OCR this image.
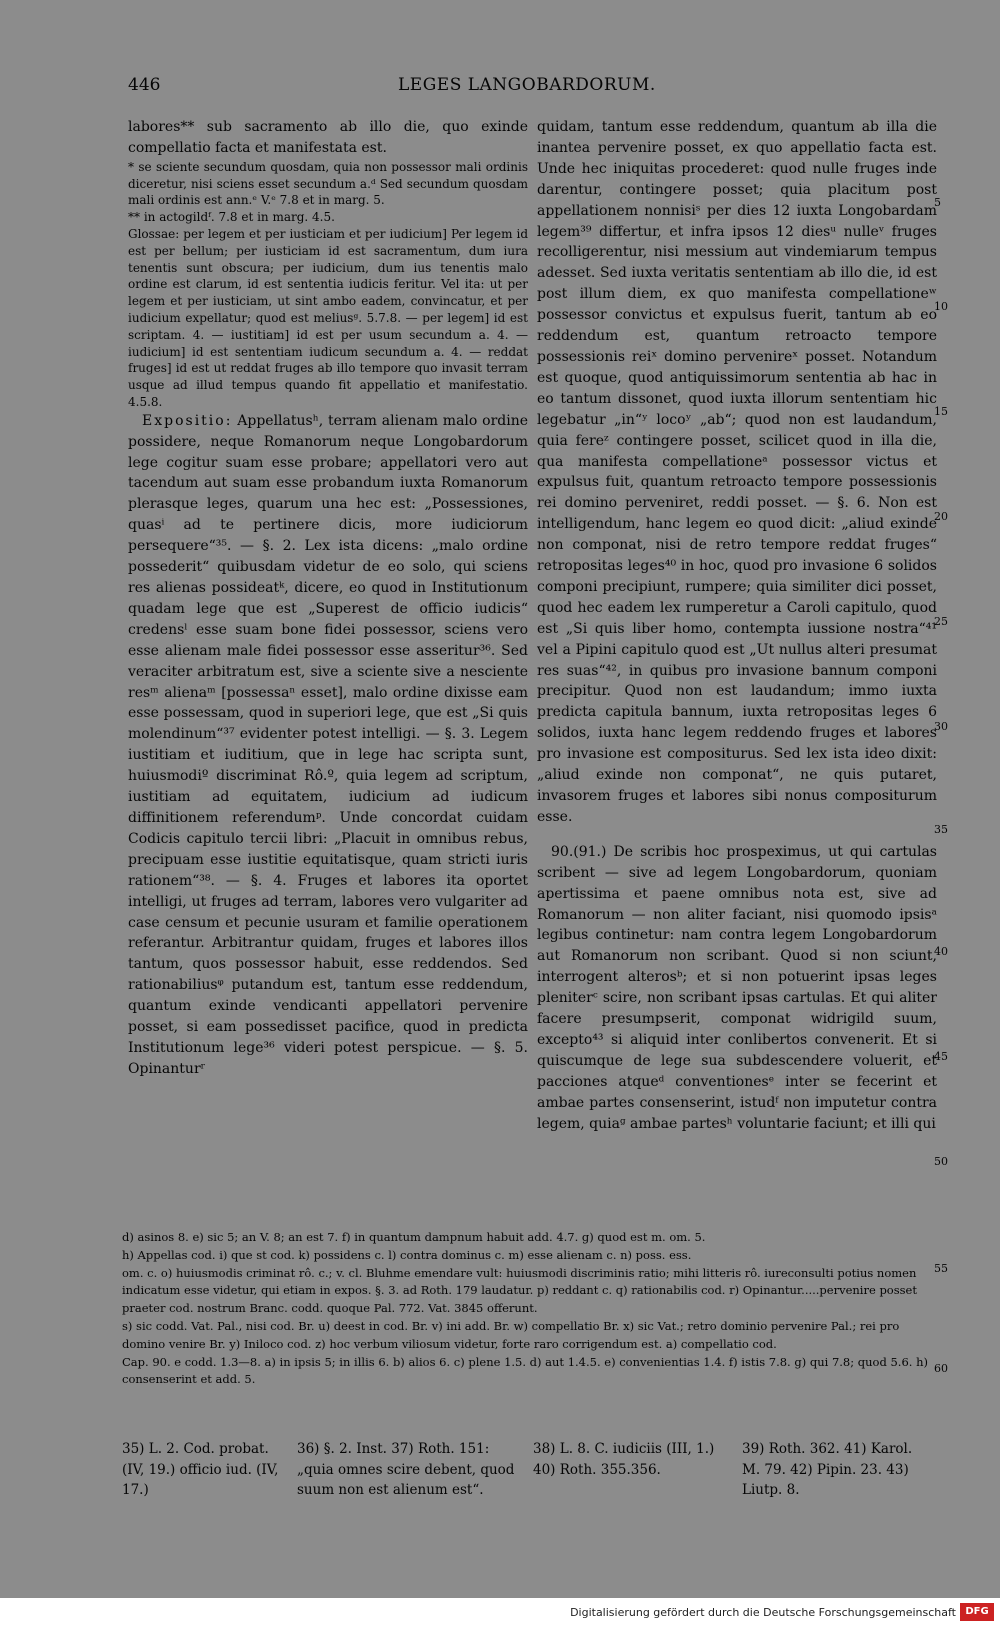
446	LEGES LANGOBARDORUM.

labores** sub sacramento ab illo die, quo exinde compellatio facta et manifestata est.

* se sciente secundum quosdam, quia non possessor mali ordinis diceretur, nisi sciens esset secundum a.ᵈ Sed secundum quosdam mali ordinis est ann.ᵉ V.ᵉ 7.8 et in marg. 5.

** in actogildᶠ. 7.8 et in marg. 4.5.

Glossae: per legem et per iusticiam et per iudicium] Per legem id est per bellum; per iusticiam id est sacramentum, dum iura tenentis sunt obscura; per iudicium, dum ius tenentis malo ordine est clarum, id est sententia iudicis feritur. Vel ita: ut per legem et per iusticiam, ut sint ambo eadem, convincatur, et per iudicium expellatur; quod est meliusᵍ. 5.7.8. — per legem] id est scriptam. 4. — iustitiam] id est per usum secundum a. 4. — iudicium] id est sententiam iudicum secundum a. 4. — reddat fruges] id est ut reddat fruges ab illo tempore quo invasit terram usque ad illud tempus quando fit appellatio et manifestatio. 4.5.8.

Expositio: Appellatusʰ, terram alienam malo ordine possidere, neque Romanorum neque Longobardorum lege cogitur suam esse probare; appellatori vero aut tacendum aut suam esse probandum iuxta Romanorum plerasque leges, quarum una hec est: „Possessiones, quasⁱ ad te pertinere dicis, more iudiciorum persequere“³⁵. — §. 2. Lex ista dicens: „malo ordine possederit“ quibusdam videtur de eo solo, qui sciens res alienas possideatᵏ, dicere, eo quod in Institutionum quadam lege que est „Superest de officio iudicis“ credensˡ esse suam bone fidei possessor, sciens vero esse alienam male fidei possessor esse asseritur³⁶. Sed veraciter arbitratum est, sive a sciente sive a nesciente resᵐ alienaᵐ [possessaⁿ esset], malo ordine dixisse eam esse possessam, quod in superiori lege, que est „Si quis molendinum“³⁷ evidenter potest intelligi. — §. 3. Legem iustitiam et iuditium, que in lege hac scripta sunt, huiusmodiº discriminat Rô.º, quia legem ad scriptum, iustitiam ad equitatem, iudicium ad iudicum diffinitionem referendumᵖ. Unde concordat cuidam Codicis capitulo tercii libri: „Placuit in omnibus rebus, precipuam esse iustitie equitatisque, quam stricti iuris rationem“³⁸. — §. 4. Fruges et labores ita oportet intelligi, ut fruges ad terram, labores vero vulgariter ad case censum et pecunie usuram et familie operationem referantur. Arbitrantur quidam, fruges et labores illos tantum, quos possessor habuit, esse reddendos. Sed rationabiliusᵠ putandum est, tantum esse reddendum, quantum exinde vendicanti appellatori pervenire posset, si eam possedisset pacifice, quod in predicta Institutionum lege³⁶ videri potest perspicue. — §. 5. Opinanturʳ

quidam, tantum esse reddendum, quantum ab illa die inantea pervenire posset, ex quo appellatio facta est. Unde hec iniquitas procederet: quod nulle fruges inde darentur, contingere posset; quia placitum post appellationem nonnisiˢ per dies 12 iuxta Longobardam legem³⁹ differtur, et infra ipsos 12 diesᵘ nulleᵛ fruges recolligerentur, nisi messium aut vindemiarum tempus adesset. Sed iuxta veritatis sententiam ab illo die, id est post illum diem, ex quo manifesta compellationeʷ possessor convictus et expulsus fuerit, tantum ab eo reddendum est, quantum retroacto tempore possessionis reiˣ domino pervenireˣ posset. Notandum est quoque, quod antiquissimorum sententia ab hac in eo tantum dissonet, quod iuxta illorum sententiam hic legebatur „in“ʸ locoʸ „ab“; quod non est laudandum, quia fereᶻ contingere posset, scilicet quod in illa die, qua manifesta compellationeᵃ possessor victus et expulsus fuit, quantum retroacto tempore possessionis rei domino perveniret, reddi posset. — §. 6. Non est intelligendum, hanc legem eo quod dicit: „aliud exinde non componat, nisi de retro tempore reddat fruges“ retropositas leges⁴⁰ in hoc, quod pro invasione 6 solidos componi precipiunt, rumpere; quia similiter dici posset, quod hec eadem lex rumperetur a Caroli capitulo, quod est „Si quis liber homo, contempta iussione nostra“⁴¹ vel a Pipini capitulo quod est „Ut nullus alteri presumat res suas“⁴², in quibus pro invasione bannum componi precipitur. Quod non est laudandum; immo iuxta predicta capitula bannum, iuxta retropositas leges 6 solidos, iuxta hanc legem reddendo fruges et labores pro invasione est compositurus. Sed lex ista ideo dixit: „aliud exinde non componat“, ne quis putaret, invasorem fruges et labores sibi nonus compositurum esse.

90.(91.) De scribis hoc prospeximus, ut qui cartulas scribent — sive ad legem Longobardorum, quoniam apertissima et paene omnibus nota est, sive ad Romanorum — non aliter faciant, nisi quomodo ipsisᵃ legibus continetur: nam contra legem Longobardorum aut Romanorum non scribant. Quod si non sciunt, interrogent alterosᵇ; et si non potuerint ipsas leges pleniterᶜ scire, non scribant ipsas cartulas. Et qui aliter facere presumpserit, componat widrigild suum, excepto⁴³ si aliquid inter conlibertos convenerit. Et si quiscumque de lege sua subdescendere voluerit, et pacciones atqueᵈ conventionesᵉ inter se fecerint et ambae partes consenserint, istudᶠ non imputetur contra legem, quiaᵍ ambae partesʰ voluntarie faciunt; et illi qui

5
10
15
20
25
30
35
40
45
50
55
60

d) asinos 8. e) sic 5; an V. 8; an est 7. f) in quantum dampnum habuit add. 4.7. g) quod est m. om. 5.

h) Appellas cod. i) que st cod. k) possidens c. l) contra dominus c. m) esse alienam c. n) poss. ess.

om. c. o) huiusmodis criminat rô. c.; v. cl. Bluhme emendare vult: huiusmodi discriminis ratio; mihi litteris rô. iureconsulti potius nomen indicatum esse videtur, qui etiam in expos. §. 3. ad Roth. 179 laudatur. p) reddant c. q) rationabilis cod. r) Opinantur.....pervenire posset praeter cod. nostrum Branc. codd. quoque Pal. 772. Vat. 3845 offerunt.

s) sic codd. Vat. Pal., nisi cod. Br. u) deest in cod. Br. v) ini add. Br. w) compellatio Br. x) sic Vat.; retro dominio pervenire Pal.; rei pro domino venire Br. y) Iniloco cod. z) hoc verbum viliosum videtur, forte raro corrigendum est. a) compellatio cod.

Cap. 90. e codd. 1.3—8. a) in ipsis 5; in illis 6. b) alios 6. c) plene 1.5. d) aut 1.4.5. e) convenientias 1.4. f) istis 7.8. g) qui 7.8; quod 5.6. h) consenserint et add. 5.

35) L. 2. Cod. probat. (IV, 19.) officio iud. (IV, 17.)

36) §. 2. Inst. 37) Roth. 151: „quia omnes scire debent, quod suum non est alienum est“.

38) L. 8. C. iudiciis (III, 1.) 40) Roth. 355.356.

39) Roth. 362. 41) Karol. M. 79. 42) Pipin. 23. 43) Liutp. 8.

Digitalisierung gefördert durch die Deutsche Forschungsgemeinschaft DFG
